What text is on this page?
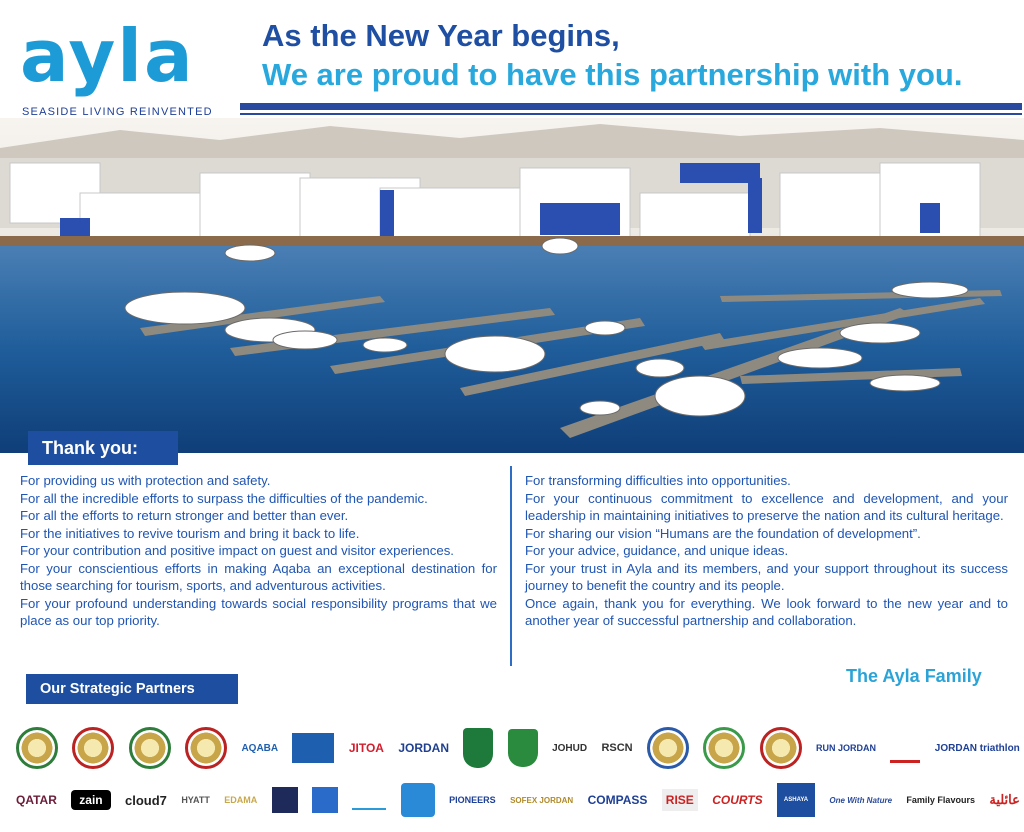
ayla
SEASIDE LIVING REINVENTED
As the New Year begins,
We are proud to have this partnership with you.
Thank you:

For providing us with protection and safety.

For all the incredible efforts to surpass the difficulties of the pandemic.

For all the efforts to return stronger and better than ever.

For the initiatives to revive tourism and bring it back to life.

For your contribution and positive impact on guest and visitor experiences.

For your conscientious efforts in making Aqaba an exceptional destination for those searching for tourism, sports, and adventurous activities.

For your profound understanding towards social responsibility programs that we place as our top priority.

For transforming difficulties into opportunities.

For your continuous commitment to excellence and development, and your leadership in maintaining initiatives to preserve the nation and its cultural heritage.

For sharing our vision “Humans are the foundation of development”.

For your advice, guidance, and unique ideas.

For your trust in Ayla and its members, and your support throughout its success journey to benefit the country and its people.

Once again, thank you for everything. We look forward to the new year and to another year of successful partnership and collaboration.

Our Strategic Partners
The Ayla Family
AQABA	JITOA JORDAN	JOHUD RSCN	RUN JORDAN	JORDAN triathlon
QATAR	zain	cloud7 HYATT EDAMA	PIONEERS SOFEX JORDAN COMPASS	RISE	COURTS	ASHAYA	One With Nature Family Flavours عائلية
